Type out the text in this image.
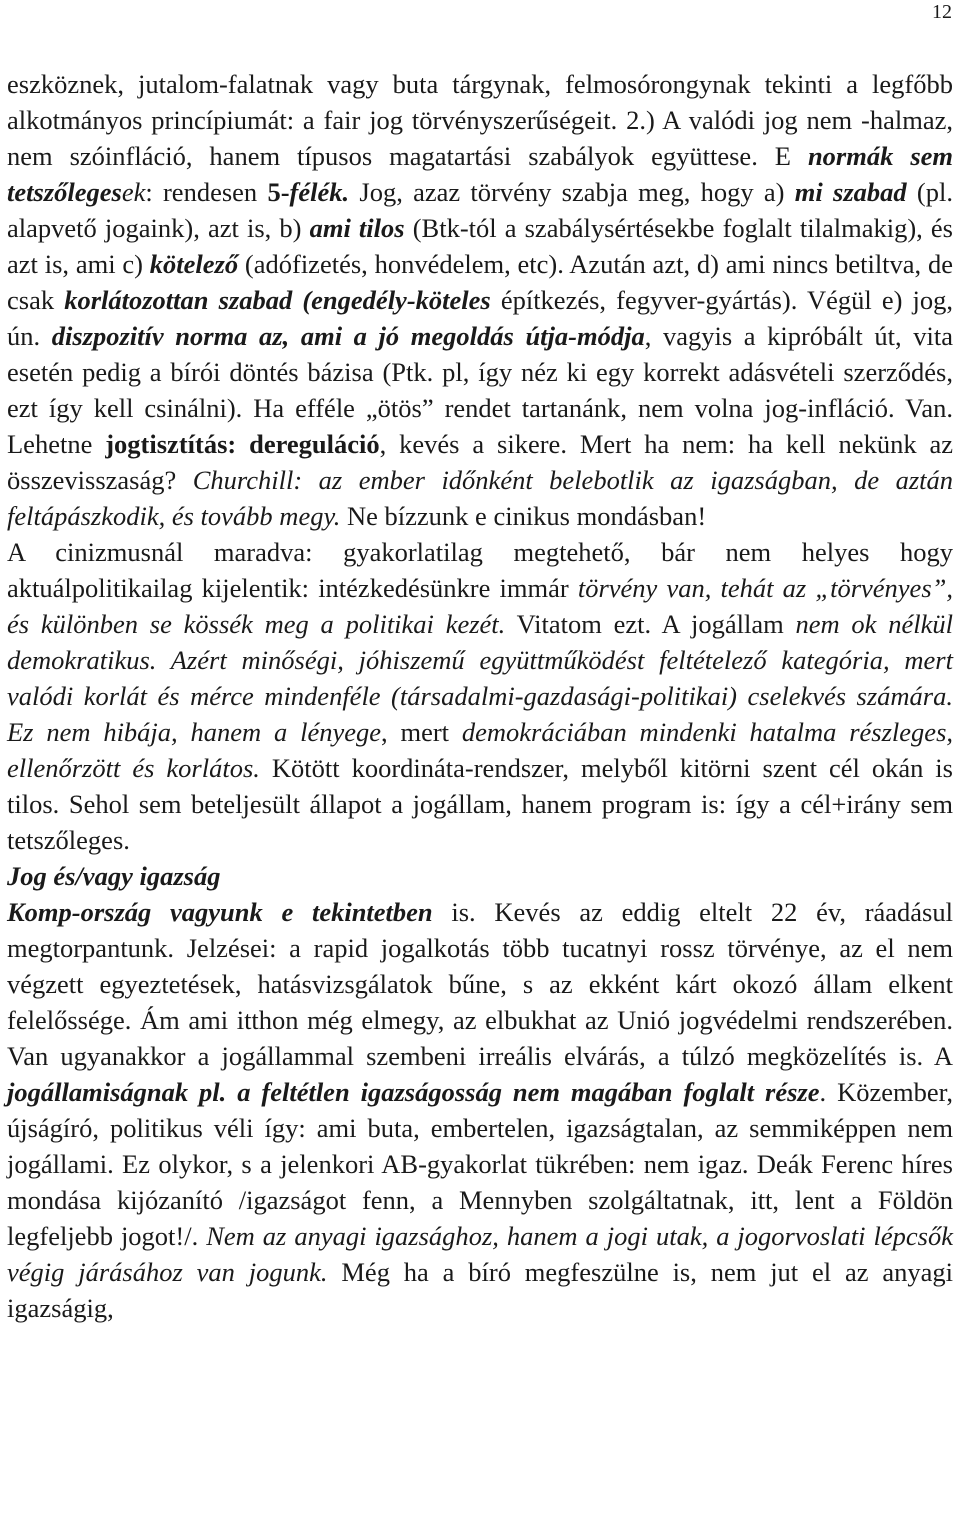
12

eszköznek, jutalom-falatnak vagy buta tárgynak, felmosórongynak tekinti a legfőbb alkotmányos princípiumát: a fair jog törvényszerűségeit. 2.) A valódi jog nem -halmaz, nem szóinfláció, hanem típusos magatartási szabályok együttese. E normák sem tetszőlegesek: rendesen 5-félék. Jog, azaz törvény szabja meg, hogy a) mi szabad (pl. alapvető jogaink), azt is, b) ami tilos (Btk-tól a szabálysértésekbe foglalt tilalmakig), és azt is, ami c) kötelező (adófizetés, honvédelem, etc). Azután azt, d) ami nincs betiltva, de csak korlátozottan szabad (engedély-köteles építkezés, fegyver-gyártás). Végül e) jog, ún. diszpozitív norma az, ami a jó megoldás útja-módja, vagyis a kipróbált út, vita esetén pedig a bírói döntés bázisa (Ptk. pl, így néz ki egy korrekt adásvételi szerződés, ezt így kell csinálni). Ha efféle „ötös” rendet tartanánk, nem volna jog-infláció. Van. Lehetne jogtisztítás: dereguláció, kevés a sikere. Mert ha nem: ha kell nekünk az összevisszaság? Churchill: az ember időnként belebotlik az igazságban, de aztán feltápászkodik, és tovább megy. Ne bízzunk e cinikus mondásban!

A cinizmusnál maradva: gyakorlatilag megtehető, bár nem helyes hogy aktuálpolitikailag kijelentik: intézkedésünkre immár törvény van, tehát az „törvényes”, és különben se kössék meg a politikai kezét. Vitatom ezt. A jogállam nem ok nélkül demokratikus. Azért minőségi, jóhiszemű együttműködést feltételező kategória, mert valódi korlát és mérce mindenféle (társadalmi-gazdasági-politikai) cselekvés számára. Ez nem hibája, hanem a lényege, mert demokráciában mindenki hatalma részleges, ellenőrzött és korlátos. Kötött koordináta-rendszer, melyből kitörni szent cél okán is tilos. Sehol sem beteljesült állapot a jogállam, hanem program is: így a cél+irány sem tetszőleges.

Jog és/vagy igazság

Komp-ország vagyunk e tekintetben is. Kevés az eddig eltelt 22 év, ráadásul megtorpantunk. Jelzései: a rapid jogalkotás több tucatnyi rossz törvénye, az el nem végzett egyeztetések, hatásvizsgálatok bűne, s az ekként kárt okozó állam elkent felelőssége. Ám ami itthon még elmegy, az elbukhat az Unió jogvédelmi rendszerében. Van ugyanakkor a jogállammal szembeni irreális elvárás, a túlzó megközelítés is. A jogállamiságnak pl. a feltétlen igazságosság nem magában foglalt része. Közember, újságíró, politikus véli így: ami buta, embertelen, igazságtalan, az semmiképpen nem jogállami. Ez olykor, s a jelenkori AB-gyakorlat tükrében: nem igaz. Deák Ferenc híres mondása kijózanító /igazságot fenn, a Mennyben szolgáltatnak, itt, lent a Földön legfeljebb jogot!/. Nem az anyagi igazsághoz, hanem a jogi utak, a jogorvoslati lépcsők végig járásához van jogunk. Még ha a bíró megfeszülne is, nem jut el az anyagi igazságig,
